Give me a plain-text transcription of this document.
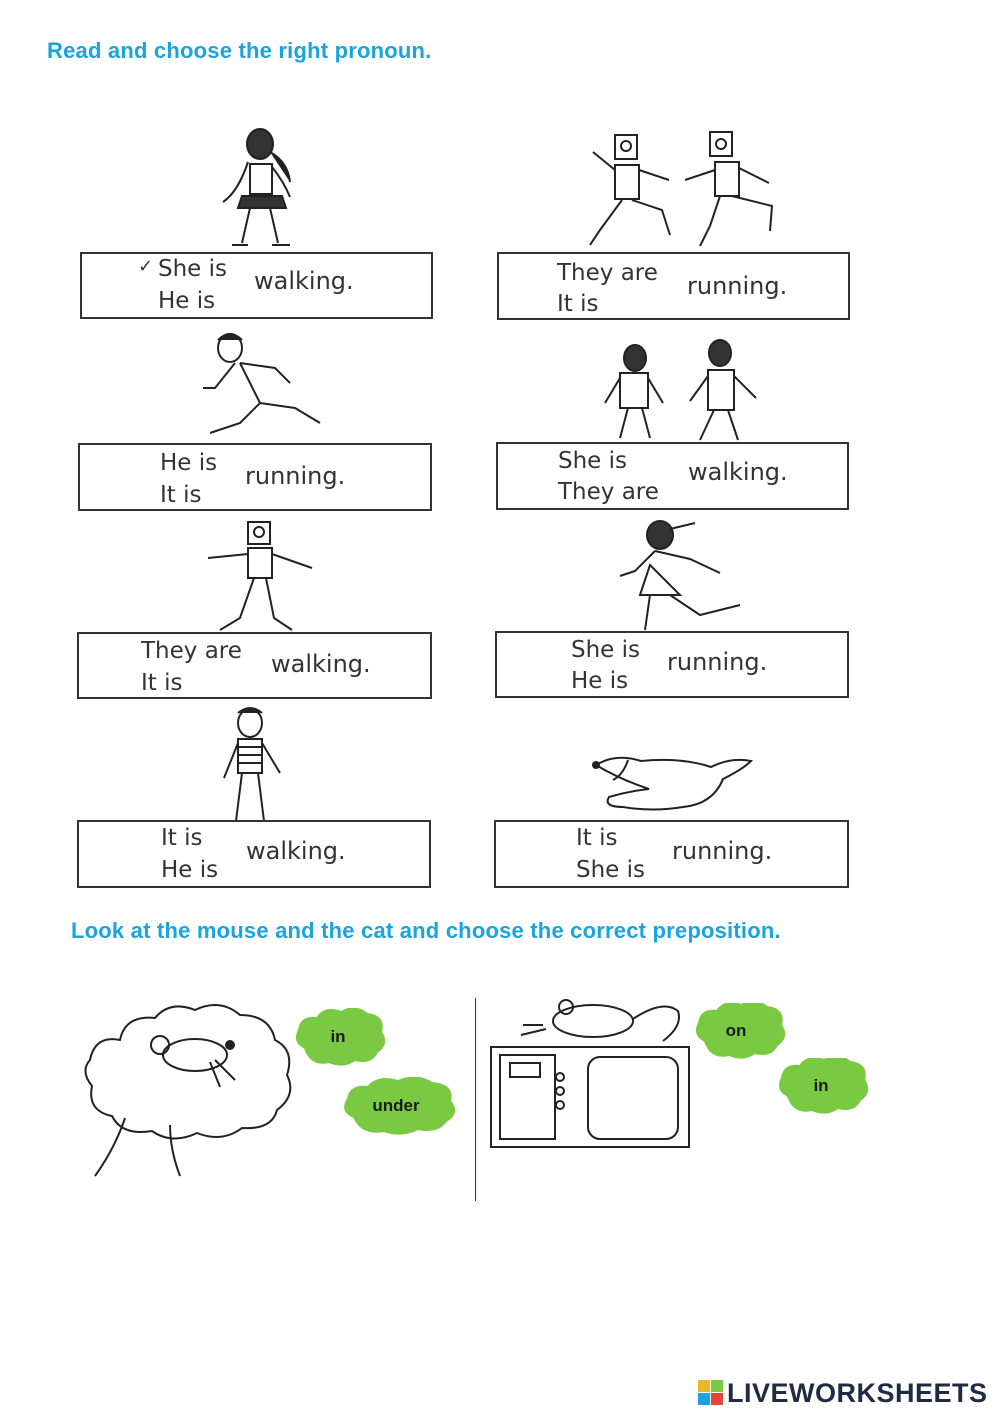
Read and choose the right pronoun.
✓ She is
He is
walking.	They are
It is
running.
He is
It is
running.
She is
They are
walking.
They are
It is
walking.	She is
He is
running.
It is
He is
walking.	It is
She is
running.
Look at the mouse and the cat and choose the correct preposition.
in
under
on
in
LIVEWORKSHEETS
